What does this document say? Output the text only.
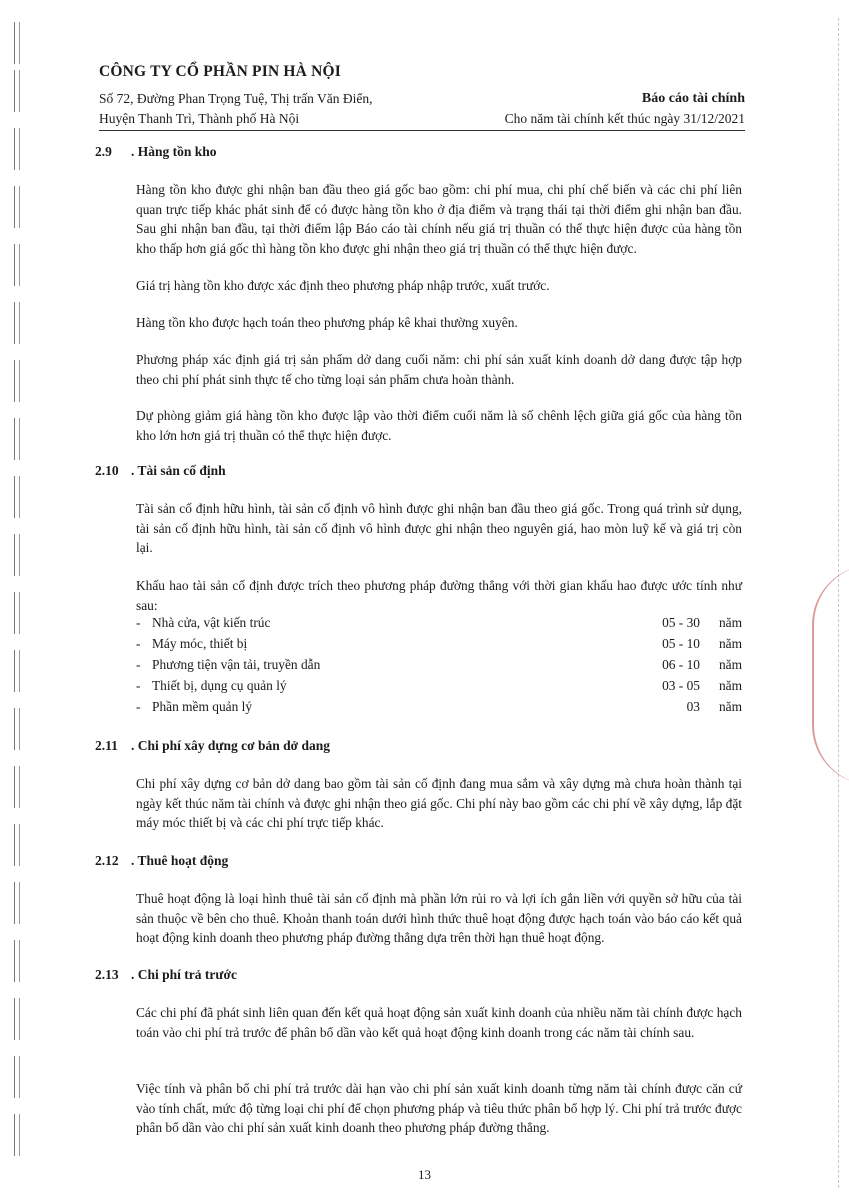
CÔNG TY CỔ PHẦN PIN HÀ NỘI
Số 72, Đường Phan Trọng Tuệ, Thị trấn Văn Điển,
Huyện Thanh Trì, Thành phố Hà Nội
Báo cáo tài chính
Cho năm tài chính kết thúc ngày 31/12/2021
2.9 . Hàng tồn kho

Hàng tồn kho được ghi nhận ban đầu theo giá gốc bao gồm: chi phí mua, chi phí chế biến và các chi phí liên quan trực tiếp khác phát sinh để có được hàng tồn kho ở địa điểm và trạng thái tại thời điểm ghi nhận ban đầu. Sau ghi nhận ban đầu, tại thời điểm lập Báo cáo tài chính nếu giá trị thuần có thể thực hiện được của hàng tồn kho thấp hơn giá gốc thì hàng tồn kho được ghi nhận theo giá trị thuần có thể thực hiện được.

Giá trị hàng tồn kho được xác định theo phương pháp nhập trước, xuất trước.

Hàng tồn kho được hạch toán theo phương pháp kê khai thường xuyên.

Phương pháp xác định giá trị sản phẩm dở dang cuối năm: chi phí sản xuất kinh doanh dở dang được tập hợp theo chi phí phát sinh thực tế cho từng loại sản phẩm chưa hoàn thành.

Dự phòng giảm giá hàng tồn kho được lập vào thời điểm cuối năm là số chênh lệch giữa giá gốc của hàng tồn kho lớn hơn giá trị thuần có thể thực hiện được.

2.10 . Tài sản cố định

Tài sản cố định hữu hình, tài sản cố định vô hình được ghi nhận ban đầu theo giá gốc. Trong quá trình sử dụng, tài sản cố định hữu hình, tài sản cố định vô hình được ghi nhận theo nguyên giá, hao mòn luỹ kế và giá trị còn lại.

Khấu hao tài sản cố định được trích theo phương pháp đường thẳng với thời gian khấu hao được ước tính như sau:

- Nhà cửa, vật kiến trúc	05 - 30 năm
- Máy móc, thiết bị	05 - 10 năm
- Phương tiện vận tải, truyền dẫn	06 - 10 năm
- Thiết bị, dụng cụ quản lý	03 - 05 năm
- Phần mềm quản lý	03 năm
2.11 . Chi phí xây dựng cơ bản dở dang

Chi phí xây dựng cơ bản dở dang bao gồm tài sản cố định đang mua sắm và xây dựng mà chưa hoàn thành tại ngày kết thúc năm tài chính và được ghi nhận theo giá gốc. Chi phí này bao gồm các chi phí về xây dựng, lắp đặt máy móc thiết bị và các chi phí trực tiếp khác.

2.12 . Thuê hoạt động

Thuê hoạt động là loại hình thuê tài sản cố định mà phần lớn rủi ro và lợi ích gắn liền với quyền sở hữu của tài sản thuộc về bên cho thuê. Khoản thanh toán dưới hình thức thuê hoạt động được hạch toán vào báo cáo kết quả hoạt động kinh doanh theo phương pháp đường thẳng dựa trên thời hạn thuê hoạt động.

2.13 . Chi phí trả trước

Các chi phí đã phát sinh liên quan đến kết quả hoạt động sản xuất kinh doanh của nhiều năm tài chính được hạch toán vào chi phí trả trước để phân bổ dần vào kết quả hoạt động kinh doanh trong các năm tài chính sau.

Việc tính và phân bổ chi phí trả trước dài hạn vào chi phí sản xuất kinh doanh từng năm tài chính được căn cứ vào tính chất, mức độ từng loại chi phí để chọn phương pháp và tiêu thức phân bổ hợp lý. Chi phí trả trước được phân bổ dần vào chi phí sản xuất kinh doanh theo phương pháp đường thẳng.

13
